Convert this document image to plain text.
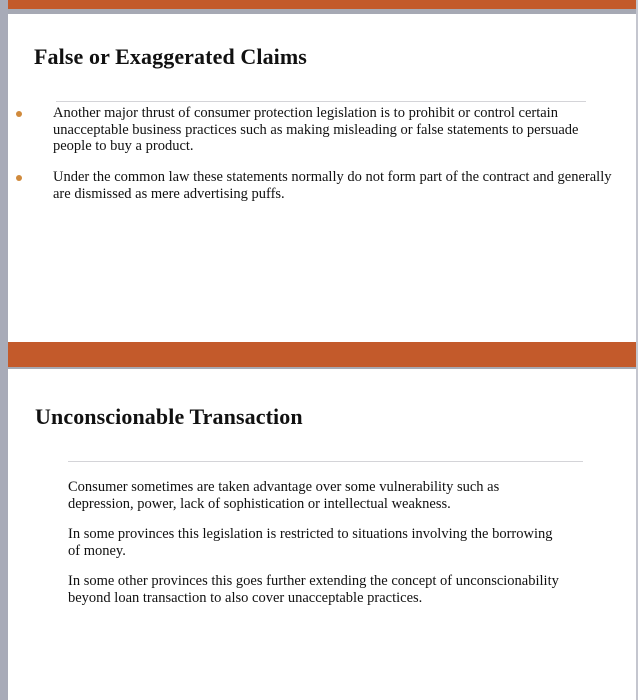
False or Exaggerated Claims

Another major thrust of consumer protection legislation is to prohibit or control certain unacceptable business practices such as making misleading or false statements to persuade people to buy a product.

Under the common law these statements normally do not form part of the contract and generally are dismissed as mere advertising puffs.

Unconscionable Transaction

Consumer sometimes are taken advantage over some vulnerability such as depression, power, lack of sophistication or intellectual weakness.

In some provinces this legislation is restricted to situations involving the borrowing of money.

In some other provinces this goes further extending the concept of unconscionability beyond loan transaction to also cover unacceptable practices.
